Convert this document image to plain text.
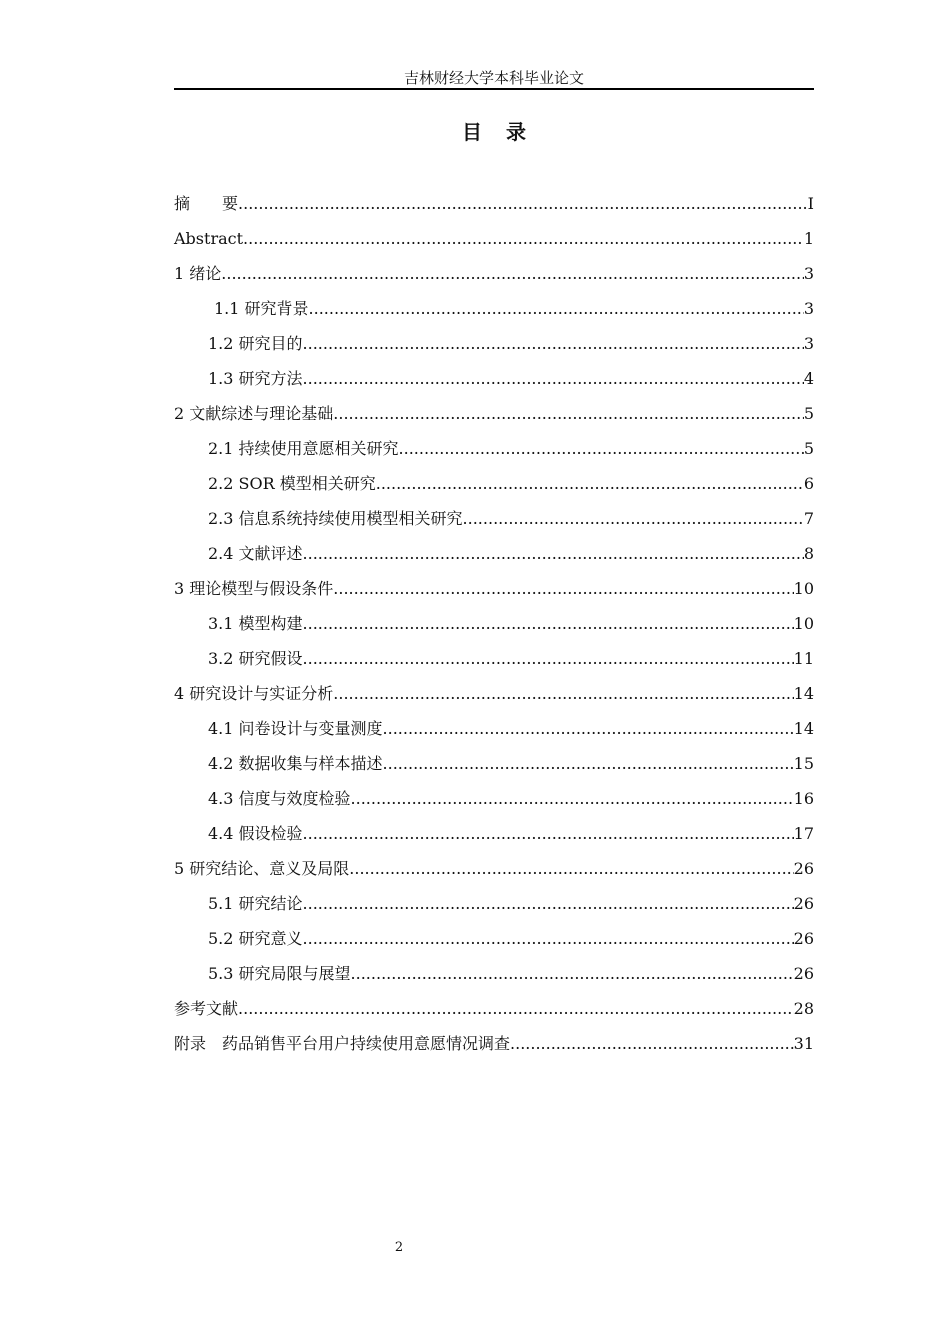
吉林财经大学本科毕业论文
目　录
摘　　要 .....	I
Abstract .....	1
1 绪论 .....	3
1.1 研究背景 .....	3
1.2 研究目的 .....	3
1.3 研究方法 .....	4
2 文献综述与理论基础 .....	5
2.1 持续使用意愿相关研究 .....	5
2.2 SOR 模型相关研究 .....	6
2.3 信息系统持续使用模型相关研究 .....	7
2.4 文献评述 .....	8
3 理论模型与假设条件 .....	10
3.1 模型构建 .....	10
3.2 研究假设 .....	11
4 研究设计与实证分析 .....	14
4.1 问卷设计与变量测度 .....	14
4.2 数据收集与样本描述 .....	15
4.3 信度与效度检验 .....	16
4.4 假设检验 .....	17
5 研究结论、意义及局限 .....	26
5.1 研究结论 .....	26
5.2 研究意义 .....	26
5.3 研究局限与展望 .....	26
参考文献 .....	28
附录　药品销售平台用户持续使用意愿情况调查 .....	31
2
